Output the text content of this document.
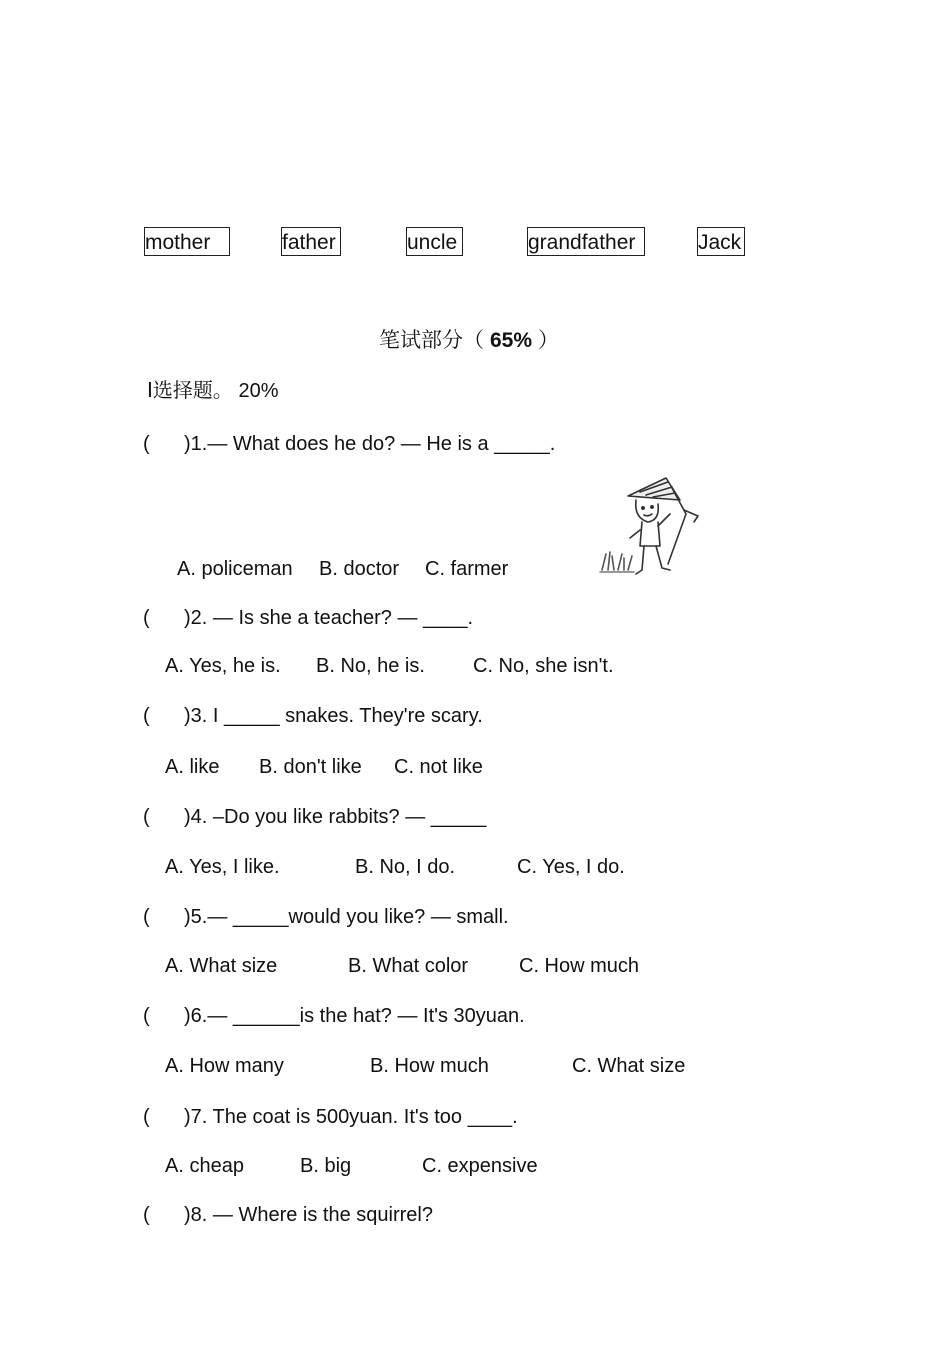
mother	father	uncle	grandfather	Jack
笔试部分（ 65% ）
Ⅰ选择题。 20%
( )1.— What does he do? — He is a _____.
A. policeman B. doctor C. farmer
( )2. — Is she a teacher? — ____.
A. Yes, he is. B. No, he is. C. No, she isn't.
( )3. I _____ snakes. They're scary.
A. like B. don't like C. not like
( )4. –Do you like rabbits? — _____
A. Yes, I like.	B. No, I do.	C. Yes, I do.
( )5.— _____would you like? — small.
A. What size	B. What color	C. How much
( )6.— ______is the hat? — It's 30yuan.
A. How many	B. How much	C. What size
( )7. The coat is 500yuan. It's too ____.
A. cheap	B. big	C. expensive
( )8. — Where is the squirrel?
